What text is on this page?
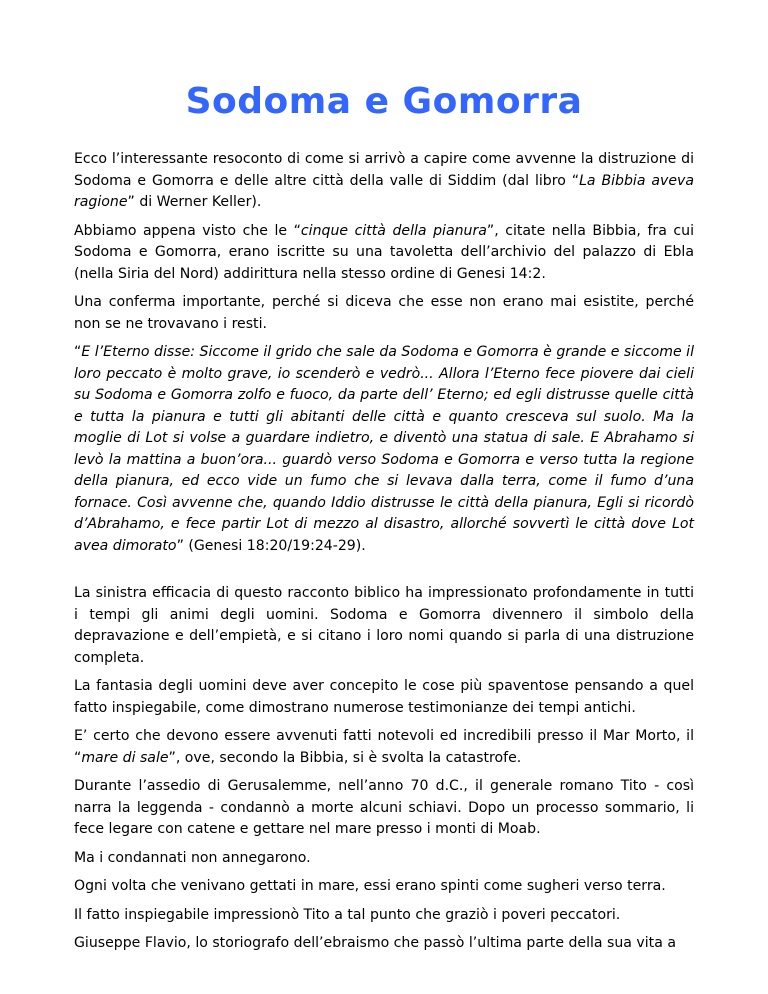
Sodoma e Gomorra

Ecco l’interessante resoconto di come si arrivò a capire come avvenne la distruzione di Sodoma e Gomorra e delle altre città della valle di Siddim (dal libro “La Bibbia aveva ragione” di Werner Keller).

Abbiamo appena visto che le “cinque città della pianura”, citate nella Bibbia, fra cui Sodoma e Gomorra, erano iscritte su una tavoletta dell’archivio del palazzo di Ebla (nella Siria del Nord) addirittura nella stesso ordine di Genesi 14:2.

Una conferma importante, perché si diceva che esse non erano mai esistite, perché non se ne trovavano i resti.

“E l’Eterno disse: Siccome il grido che sale da Sodoma e Gomorra è grande e siccome il loro peccato è molto grave, io scenderò e vedrò... Allora l’Eterno fece piovere dai cieli su Sodoma e Gomorra zolfo e fuoco, da parte dell’ Eterno; ed egli distrusse quelle città e tutta la pianura e tutti gli abitanti delle città e quanto cresceva sul suolo. Ma la moglie di Lot si volse a guardare indietro, e diventò una statua di sale. E Abrahamo si levò la mattina a buon’ora... guardò verso Sodoma e Gomorra e verso tutta la regione della pianura, ed ecco vide un fumo che si levava dalla terra, come il fumo d’una fornace. Così avvenne che, quando Iddio distrusse le città della pianura, Egli si ricordò d’Abrahamo, e fece partir Lot di mezzo al disastro, allorché sovvertì le città dove Lot avea dimorato” (Genesi 18:20/19:24-29).

La sinistra efficacia di questo racconto biblico ha impressionato profondamente in tutti i tempi gli animi degli uomini. Sodoma e Gomorra divennero il simbolo della depravazione e dell’empietà, e si citano i loro nomi quando si parla di una distruzione completa.

La fantasia degli uomini deve aver concepito le cose più spaventose pensando a quel fatto inspiegabile, come dimostrano numerose testimonianze dei tempi antichi.

E’ certo che devono essere avvenuti fatti notevoli ed incredibili presso il Mar Morto, il “mare di sale”, ove, secondo la Bibbia, si è svolta la catastrofe.

Durante l’assedio di Gerusalemme, nell’anno 70 d.C., il generale romano Tito - così narra la leggenda - condannò a morte alcuni schiavi. Dopo un processo sommario, li fece legare con catene e gettare nel mare presso i monti di Moab.

Ma i condannati non annegarono.

Ogni volta che venivano gettati in mare, essi erano spinti come sugheri verso terra.

Il fatto inspiegabile impressionò Tito a tal punto che graziò i poveri peccatori.

Giuseppe Flavio, lo storiografo dell’ebraismo che passò l’ultima parte della sua vita a
